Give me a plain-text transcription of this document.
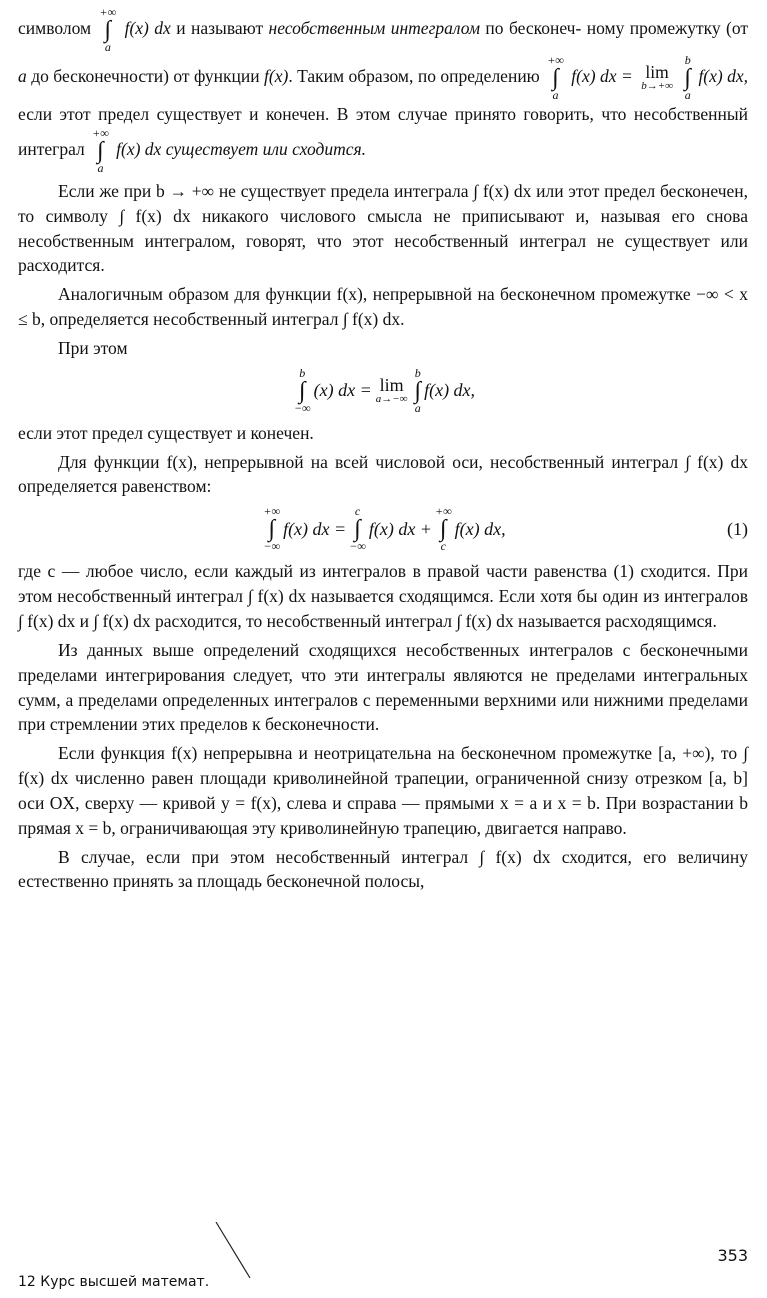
символом
+∞
∫
a
f(x) dx и называют несобственным интегралом по бесконеч- ному промежутку (от a до бесконечности) от функции f(x). Таким образом, по определению
+∞
∫
a
f(x) dx = lim
b→+∞

b
∫
a
f(x) dx, если этот предел существует и конечен. В этом случае принято говорить, что несобственный интеграл
+∞
∫
a
f(x) dx существует или сходится.
Если же при b → +∞ не существует предела интеграла ∫ f(x) dx или этот предел бесконечен, то символу ∫ f(x) dx никакого числового смысла не приписывают и, называя его снова несобственным интегралом, говорят, что этот несобственный интеграл не существует или расходится.
Аналогичным образом для функции f(x), непрерывной на бесконечном промежутке −∞ < x ≤ b, определяется несобственный интеграл ∫ f(x) dx.
При этом
b
∫
−∞
(x) dx = lim
a→−∞
b
∫
a
f(x) dx,
если этот предел существует и конечен.
Для функции f(x), непрерывной на всей числовой оси, несобственный интеграл ∫ f(x) dx определяется равенством:
+∞
∫
−∞
f(x) dx =
c
∫
−∞
f(x) dx +
+∞
∫
c
f(x) dx,	(1)
где c — любое число, если каждый из интегралов в правой части равенства (1) сходится. При этом несобственный интеграл ∫ f(x) dx называется сходящимся. Если хотя бы один из интегралов ∫ f(x) dx и ∫ f(x) dx расходится, то несобственный интеграл ∫ f(x) dx называется расходящимся.
Из данных выше определений сходящихся несобственных интегралов с бесконечными пределами интегрирования следует, что эти интегралы являются не пределами интегральных сумм, а пределами определенных интегралов с переменными верхними или нижними пределами при стремлении этих пределов к бесконечности.
Если функция f(x) непрерывна и неотрицательна на бесконечном промежутке [a, +∞), то ∫ f(x) dx численно равен площади криволинейной трапеции, ограниченной снизу отрезком [a, b] оси OX, сверху — кривой y = f(x), слева и справа — прямыми x = a и x = b. При возрастании b прямая x = b, ограничивающая эту криволинейную трапецию, двигается направо.
В случае, если при этом несобственный интеграл ∫ f(x) dx сходится, его величину естественно принять за площадь бесконечной полосы,
12 Курс высшей математ.
353
